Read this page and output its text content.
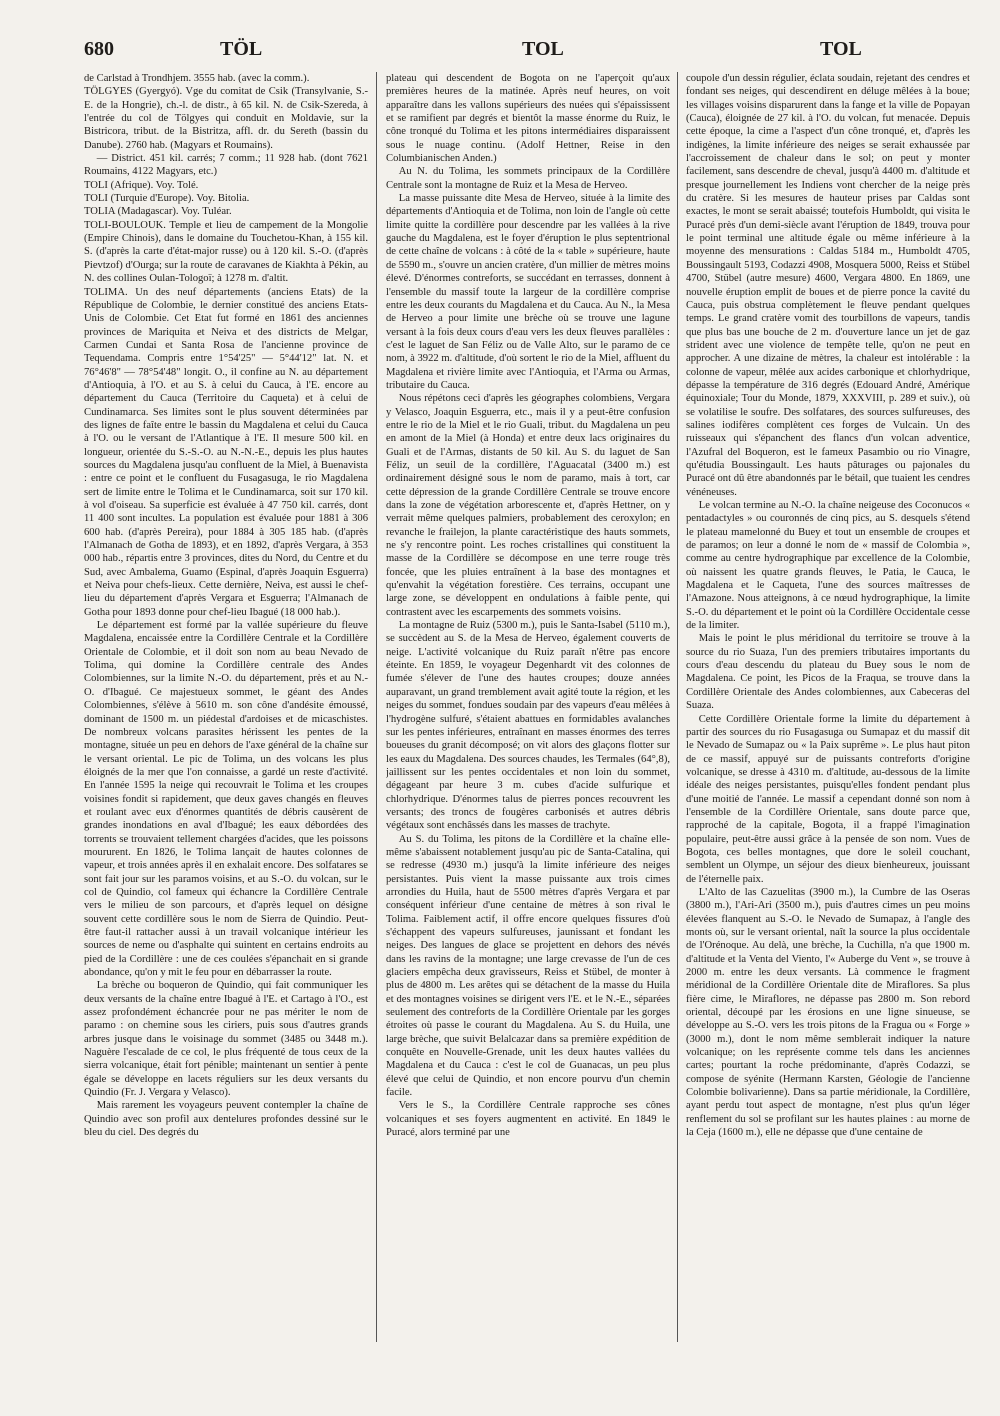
680	TÖL	TOL	TOL

de Carlstad à Trondhjem. 3555 hab. (avec la comm.).

TÖLGYES (Gyergyó). Vge du comitat de Csik (Transylvanie, S.-E. de la Hongrie), ch.-l. de distr., à 65 kil. N. de Csik-Szereda, à l'entrée du col de Tölgyes qui conduit en Moldavie, sur la Bistricora, tribut. de la Bistritza, affl. dr. du Sereth (bassin du Danube). 2760 hab. (Magyars et Roumains).

— District. 451 kil. carrés; 7 comm.; 11 928 hab. (dont 7621 Roumains, 4122 Magyars, etc.)

TOLI (Afrique). Voy. Tolé.

TOLI (Turquie d'Europe). Voy. Bitolia.

TOLIA (Madagascar). Voy. Tuléar.

TOLI-BOULOUK. Temple et lieu de campement de la Mongolie (Empire Chinois), dans le domaine du Touchetou-Khan, à 155 kil. S. (d'après la carte d'état-major russe) ou à 120 kil. S.-O. (d'après Pievtzof) d'Ourga; sur la route de caravanes de Kiakhta à Pékin, au N. des collines Oulan-Tologoï; à 1278 m. d'altit.

TOLIMA. Un des neuf départements (anciens Etats) de la République de Colombie, le dernier constitué des anciens Etats-Unis de Colombie. Cet Etat fut formé en 1861 des anciennes provinces de Mariquita et Neiva et des districts de Melgar, Carmen Cundai et Santa Rosa de l'ancienne province de Tequendama. Compris entre 1°54'25" — 5°44'12" lat. N. et 76°46'8" — 78°54'48" longit. O., il confine au N. au département d'Antioquia, à l'O. et au S. à celui du Cauca, à l'E. encore au département du Cauca (Territoire du Caqueta) et à celui de Cundinamarca. Ses limites sont le plus souvent déterminées par des lignes de faîte entre le bassin du Magdalena et celui du Cauca à l'O. ou le versant de l'Atlantique à l'E. Il mesure 500 kil. en longueur, orientée du S.-S.-O. au N.-N.-E., depuis les plus hautes sources du Magdalena jusqu'au confluent de la Miel, à Buenavista : entre ce point et le confluent du Fusagasuga, le rio Magdalena sert de limite entre le Tolima et le Cundinamarca, soit sur 170 kil. à vol d'oiseau. Sa superficie est évaluée à 47 750 kil. carrés, dont 11 400 sont incultes. La population est évaluée pour 1881 à 306 600 hab. (d'après Pereira), pour 1884 à 305 185 hab. (d'après l'Almanach de Gotha de 1893), et en 1892, d'après Vergara, à 353 000 hab., répartis entre 3 provinces, dites du Nord, du Centre et du Sud, avec Ambalema, Guamo (Espinal, d'après Joaquin Esguerra) et Neiva pour chefs-lieux. Cette dernière, Neiva, est aussi le chef-lieu du département d'après Vergara et Esguerra; l'Almanach de Gotha pour 1893 donne pour chef-lieu Ibagué (18 000 hab.).

Le département est formé par la vallée supérieure du fleuve Magdalena, encaissée entre la Cordillère Centrale et la Cordillère Orientale de Colombie, et il doit son nom au beau Nevado de Tolima, qui domine la Cordillère centrale des Andes Colombiennes, sur la limite N.-O. du département, près et au N.-O. d'Ibagué. Ce majestueux sommet, le géant des Andes Colombiennes, s'élève à 5610 m. son cône d'andésite émoussé, dominant de 1500 m. un piédestal d'ardoises et de micaschistes. De nombreux volcans parasites hérissent les pentes de la montagne, située un peu en dehors de l'axe général de la chaîne sur le versant oriental. Le pic de Tolima, un des volcans les plus éloignés de la mer que l'on connaisse, a gardé un reste d'activité. En l'année 1595 la neige qui recouvrait le Tolima et les croupes voisines fondit si rapidement, que deux gaves changés en fleuves et roulant avec eux d'énormes quantités de débris causèrent de grandes inondations en aval d'Ibagué; les eaux débordées des torrents se trouvaient tellement chargées d'acides, que les poissons moururent. En 1826, le Tolima lançait de hautes colonnes de vapeur, et trois années après il en exhalait encore. Des solfatares se sont fait jour sur les paramos voisins, et au S.-O. du volcan, sur le col de Quindio, col fameux qui échancre la Cordillère Centrale vers le milieu de son parcours, et d'après lequel on désigne souvent cette cordillère sous le nom de Sierra de Quindio. Peut-être faut-il rattacher aussi à un travail volcanique intérieur les sources de neme ou d'asphalte qui suintent en certains endroits au pied de la Cordillère : une de ces coulées s'épanchait en si grande abondance, qu'on y mit le feu pour en débarrasser la route.

La brèche ou boqueron de Quindio, qui fait communiquer les deux versants de la chaîne entre Ibagué à l'E. et Cartago à l'O., est assez profondément échancrée pour ne pas mériter le nom de paramo : on chemine sous les ciriers, puis sous d'autres grands arbres jusque dans le voisinage du sommet (3485 ou 3448 m.). Naguère l'escalade de ce col, le plus fréquenté de tous ceux de la sierra volcanique, était fort pénible; maintenant un sentier à pente égale se développe en lacets réguliers sur les deux versants du Quindio (Fr. J. Vergara y Velasco).

Mais rarement les voyageurs peuvent contempler la chaîne de Quindio avec son profil aux dentelures profondes dessiné sur le bleu du ciel. Des degrés du

plateau qui descendent de Bogota on ne l'aperçoit qu'aux premières heures de la matinée. Après neuf heures, on voit apparaître dans les vallons supérieurs des nuées qui s'épaississent et se ramifient par degrés et bientôt la masse énorme du Ruiz, le cône tronqué du Tolima et les pitons intermédiaires disparaissent sous le nuage continu. (Adolf Hettner, Reise in den Columbianischen Anden.)

Au N. du Tolima, les sommets principaux de la Cordillère Centrale sont la montagne de Ruiz et la Mesa de Herveo.

La masse puissante dite Mesa de Herveo, située à la limite des départements d'Antioquia et de Tolima, non loin de l'angle où cette limite quitte la cordillère pour descendre par les vallées à la rive gauche du Magdalena, est le foyer d'éruption le plus septentrional de cette chaîne de volcans : à côté de la « table » supérieure, haute de 5590 m., s'ouvre un ancien cratère, d'un millier de mètres moins élevé. D'énormes contreforts, se succédant en terrasses, donnent à l'ensemble du massif toute la largeur de la cordillère comprise entre les deux courants du Magdalena et du Cauca. Au N., la Mesa de Herveo a pour limite une brèche où se trouve une lagune versant à la fois deux cours d'eau vers les deux fleuves parallèles : c'est le laguet de San Féliz ou de Valle Alto, sur le paramo de ce nom, à 3922 m. d'altitude, d'où sortent le rio de la Miel, affluent du Magdalena et rivière limite avec l'Antioquia, et l'Arma ou Armas, tributaire du Cauca.

Nous répétons ceci d'après les géographes colombiens, Vergara y Velasco, Joaquin Esguerra, etc., mais il y a peut-être confusion entre le rio de la Miel et le rio Guali, tribut. du Magdalena un peu en amont de la Miel (à Honda) et entre deux lacs originaires du Guali et de l'Armas, distants de 50 kil. Au S. du laguet de San Féliz, un seuil de la cordillère, l'Aguacatal (3400 m.) est ordinairement désigné sous le nom de paramo, mais à tort, car cette dépression de la grande Cordillère Centrale se trouve encore dans la zone de végétation arborescente et, d'après Hettner, on y verrait même quelques palmiers, probablement des ceroxylon; en revanche le frailejon, la plante caractéristique des hauts sommets, ne s'y rencontre point. Les roches cristallines qui constituent la masse de la Cordillère se décompose en une terre rouge très foncée, que les pluies entraînent à la base des montagnes et qu'envahit la végétation forestière. Ces terrains, occupant une large zone, se développent en ondulations à faible pente, qui contrastent avec les escarpements des sommets voisins.

La montagne de Ruiz (5300 m.), puis le Santa-Isabel (5110 m.), se succèdent au S. de la Mesa de Herveo, également couverts de neige. L'activité volcanique du Ruiz paraît n'être pas encore éteinte. En 1859, le voyageur Degenhardt vit des colonnes de fumée s'élever de l'une des hautes croupes; douze années auparavant, un grand tremblement avait agité toute la région, et les neiges du sommet, fondues soudain par des vapeurs d'eau mêlées à l'hydrogène sulfuré, s'étaient abattues en formidables avalanches sur les pentes inférieures, entraînant en masses énormes des terres boueuses du granit décomposé; on vit alors des glaçons flotter sur les eaux du Magdalena. Des sources chaudes, les Termales (64°,8), jaillissent sur les pentes occidentales et non loin du sommet, dégageant par heure 3 m. cubes d'acide sulfurique et chlorhydrique. D'énormes talus de pierres ponces recouvrent les versants; des troncs de fougères carbonisés et autres débris végétaux sont enchâssés dans les masses de trachyte.

Au S. du Tolima, les pitons de la Cordillère et la chaîne elle-même s'abaissent notablement jusqu'au pic de Santa-Catalina, qui se redresse (4930 m.) jusqu'à la limite inférieure des neiges persistantes. Puis vient la masse puissante aux trois cimes arrondies du Huila, haut de 5500 mètres d'après Vergara et par conséquent inférieur d'une centaine de mètres à son rival le Tolima. Faiblement actif, il offre encore quelques fissures d'où s'échappent des vapeurs sulfureuses, jaunissant et fondant les neiges. Des langues de glace se projettent en dehors des névés dans les ravins de la montagne; une large crevasse de l'un de ces glaciers empêcha deux gravisseurs, Reiss et Stübel, de monter à plus de 4800 m. Les arêtes qui se détachent de la masse du Huila et des montagnes voisines se dirigent vers l'E. et le N.-E., séparées seulement des contreforts de la Cordillère Orientale par les gorges étroites où passe le courant du Magdalena. Au S. du Huila, une large brèche, que suivit Belalcazar dans sa première expédition de conquête en Nouvelle-Grenade, unit les deux hautes vallées du Magdalena et du Cauca : c'est le col de Guanacas, un peu plus élevé que celui de Quindio, et non encore pourvu d'un chemin facile.

Vers le S., la Cordillère Centrale rapproche ses cônes volcaniques et ses foyers augmentent en activité. En 1849 le Puracé, alors terminé par une

coupole d'un dessin régulier, éclata soudain, rejetant des cendres et fondant ses neiges, qui descendirent en déluge mêlées à la boue; les villages voisins disparurent dans la fange et la ville de Popayan (Cauca), éloignée de 27 kil. à l'O. du volcan, fut menacée. Depuis cette époque, la cime a l'aspect d'un cône tronqué, et, d'après les indigènes, la limite inférieure des neiges se serait exhaussée par l'accroissement de chaleur dans le sol; on peut y monter facilement, sans descendre de cheval, jusqu'à 4400 m. d'altitude et presque journellement les Indiens vont chercher de la neige près du cratère. Si les mesures de hauteur prises par Caldas sont exactes, le mont se serait abaissé; toutefois Humboldt, qui visita le Puracé près d'un demi-siècle avant l'éruption de 1849, trouva pour le point terminal une altitude égale ou même inférieure à la moyenne des mensurations : Caldas 5184 m., Humboldt 4705, Boussingault 5193, Codazzi 4908, Mosquera 5000, Reiss et Stübel 4700, Stübel (autre mesure) 4600, Vergara 4800. En 1869, une nouvelle éruption emplit de boues et de pierre ponce la cavité du Cauca, puis obstrua complètement le fleuve pendant quelques temps. Le grand cratère vomit des tourbillons de vapeurs, tandis que plus bas une bouche de 2 m. d'ouverture lance un jet de gaz strident avec une violence de tempête telle, qu'on ne peut en approcher. A une dizaine de mètres, la chaleur est intolérable : la colonne de vapeur, mêlée aux acides carbonique et chlorhydrique, dépasse la température de 316 degrés (Edouard André, Amérique équinoxiale; Tour du Monde, 1879, XXXVIII, p. 289 et suiv.), où se volatilise le soufre. Des solfatares, des sources sulfureuses, des salines iodifères complètent ces forges de Vulcain. Un des ruisseaux qui s'épanchent des flancs d'un volcan adventice, l'Azufral del Boqueron, est le fameux Pasambio ou rio Vinagre, qu'étudia Boussingault. Les hauts pâturages ou pajonales du Puracé ont dû être abandonnés par le bétail, que tuaient les cendres vénéneuses.

Le volcan termine au N.-O. la chaîne neigeuse des Coconucos « pentadactyles » ou couronnés de cinq pics, au S. desquels s'étend le plateau mamelonné du Buey et tout un ensemble de croupes et de paramos; on leur a donné le nom de « massif de Colombia », comme au centre hydrographique par excellence de la Colombie, où naissent les quatre grands fleuves, le Patia, le Cauca, le Magdalena et le Caqueta, l'une des sources maîtresses de l'Amazone. Nous atteignons, à ce nœud hydrographique, la limite S.-O. du département et le point où la Cordillère Occidentale cesse de la limiter.

Mais le point le plus méridional du territoire se trouve à la source du rio Suaza, l'un des premiers tributaires importants du cours d'eau descendu du plateau du Buey sous le nom de Magdalena. Ce point, les Picos de la Fraqua, se trouve dans la Cordillère Orientale des Andes colombiennes, aux Cabeceras del Suaza.

Cette Cordillère Orientale forme la limite du département à partir des sources du rio Fusagasuga ou Sumapaz et du massif dit le Nevado de Sumapaz ou « la Paix suprême ». Le plus haut piton de ce massif, appuyé sur de puissants contreforts d'origine volcanique, se dresse à 4310 m. d'altitude, au-dessous de la limite idéale des neiges persistantes, puisqu'elles fondent pendant plus d'une moitié de l'année. Le massif a cependant donné son nom à l'ensemble de la Cordillère Orientale, sans doute parce que, rapproché de la capitale, Bogota, il a frappé l'imagination populaire, peut-être aussi grâce à la pensée de son nom. Vues de Bogota, ces belles montagnes, que dore le soleil couchant, semblent un Olympe, un séjour des dieux bienheureux, jouissant de l'éternelle paix.

L'Alto de las Cazuelitas (3900 m.), la Cumbre de las Oseras (3800 m.), l'Ari-Ari (3500 m.), puis d'autres cimes un peu moins élevées flanquent au S.-O. le Nevado de Sumapaz, à l'angle des monts où, sur le versant oriental, naît la source la plus occidentale de l'Orénoque. Au delà, une brèche, la Cuchilla, n'a que 1900 m. d'altitude et la Venta del Viento, l'« Auberge du Vent », se trouve à 2000 m. entre les deux versants. Là commence le fragment méridional de la Cordillère Orientale dite de Miraflores. Sa plus fière cime, le Miraflores, ne dépasse pas 2800 m. Son rebord oriental, découpé par les érosions en une ligne sinueuse, se développe au S.-O. vers les trois pitons de la Fragua ou « Forge » (3000 m.), dont le nom même semblerait indiquer la nature volcanique; on les représente comme tels dans les anciennes cartes; pourtant la roche prédominante, d'après Codazzi, se compose de syénite (Hermann Karsten, Géologie de l'ancienne Colombie bolivarienne). Dans sa partie méridionale, la Cordillère, ayant perdu tout aspect de montagne, n'est plus qu'un léger renflement du sol se profilant sur les hautes plaines : au morne de la Ceja (1600 m.), elle ne dépasse que d'une centaine de
